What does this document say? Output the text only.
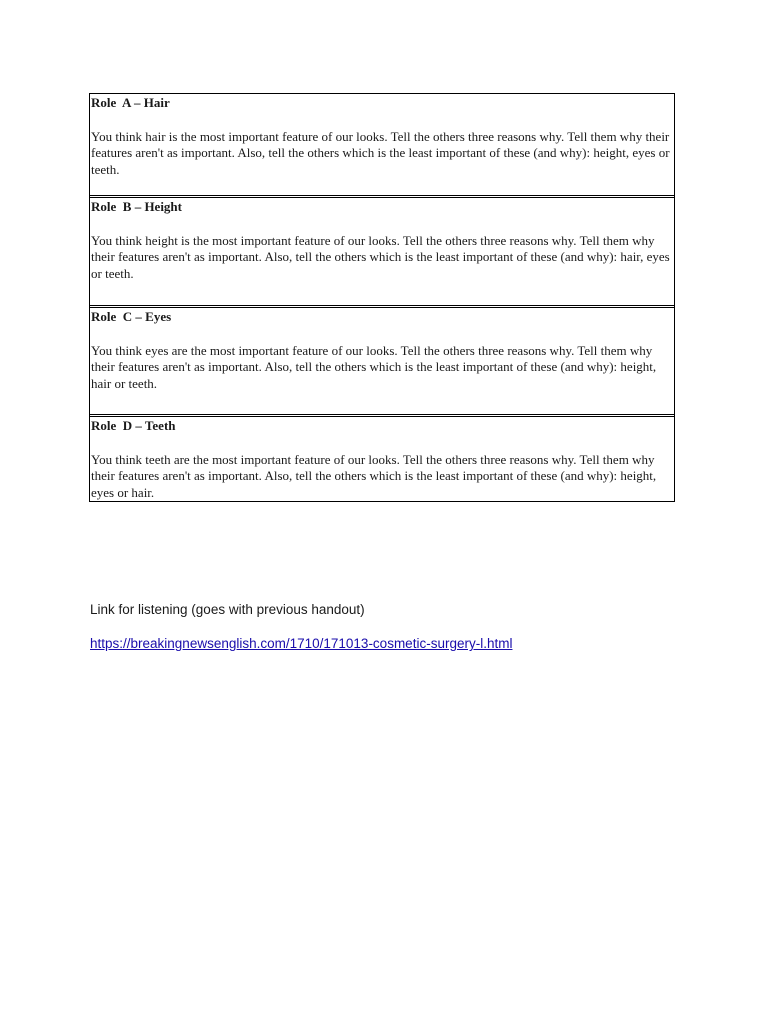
Role  A – Hair

You think hair is the most important feature of our looks. Tell the others three reasons why. Tell them why their features aren't as important. Also, tell the others which is the least important of these (and why): height, eyes or teeth.

Role  B – Height

You think height is the most important feature of our looks. Tell the others three reasons why. Tell them why their features aren't as important. Also, tell the others which is the least important of these (and why): hair, eyes or teeth.

Role  C – Eyes

You think eyes are the most important feature of our looks. Tell the others three reasons why. Tell them why their features aren't as important. Also, tell the others which is the least important of these (and why): height, hair or teeth.

Role  D – Teeth

You think teeth are the most important feature of our looks. Tell the others three reasons why. Tell them why their features aren't as important. Also, tell the others which is the least important of these (and why): height, eyes or hair.

Link for listening (goes with previous handout)
https://breakingnewsenglish.com/1710/171013-cosmetic-surgery-l.html
